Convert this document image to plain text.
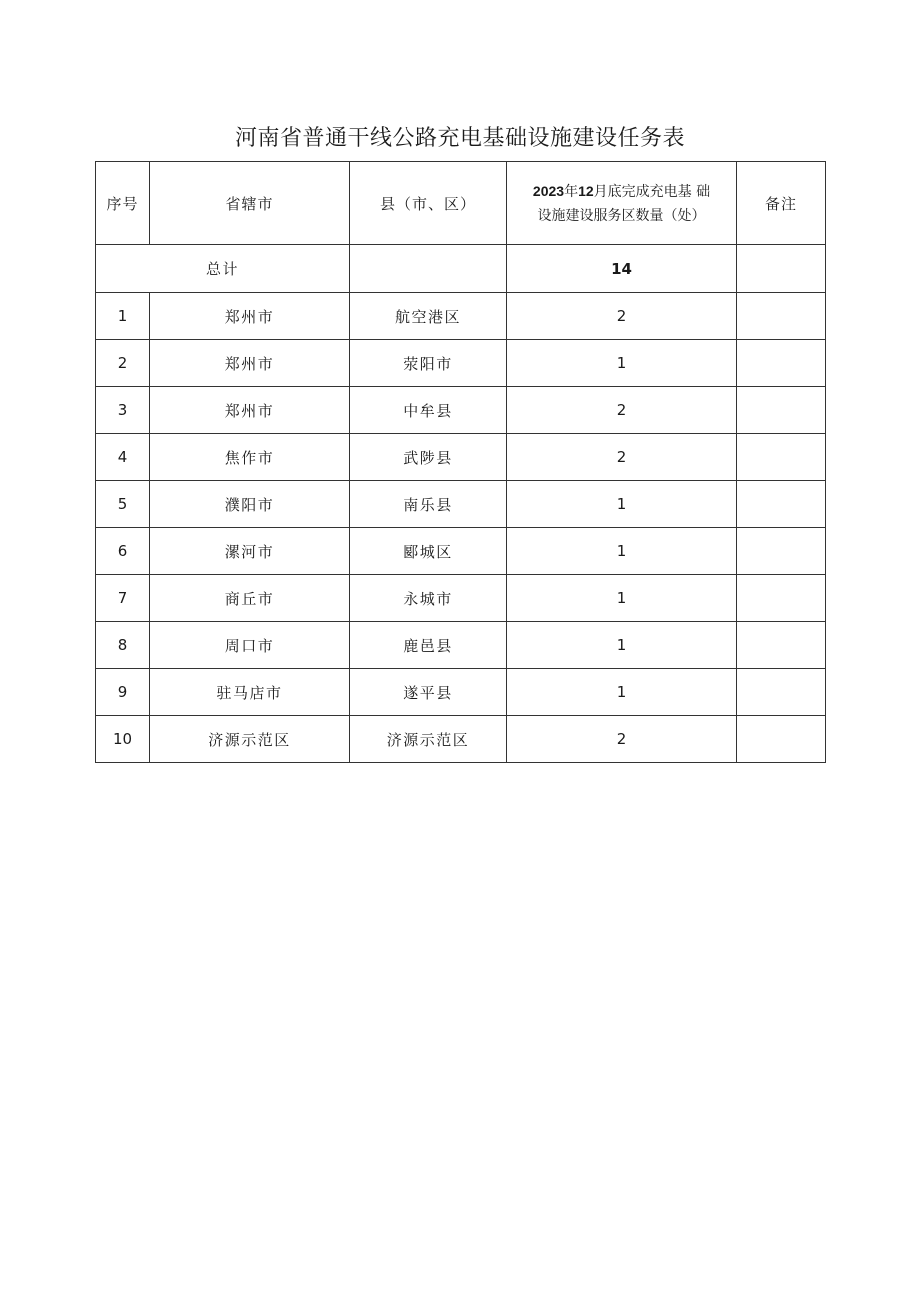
河南省普通干线公路充电基础设施建设任务表
序号	省辖市	县（市、区）	2023年12月底完成充电基 础
设施建设服务区数量（处）	备注
总计			14	
1	郑州市	航空港区	2	
2	郑州市	荥阳市	1	
3	郑州市	中牟县	2	
4	焦作市	武陟县	2	
5	濮阳市	南乐县	1	
6	漯河市	郾城区	1	
7	商丘市	永城市	1	
8	周口市	鹿邑县	1	
9	驻马店市	遂平县	1	
10	济源示范区	济源示范区	2	
